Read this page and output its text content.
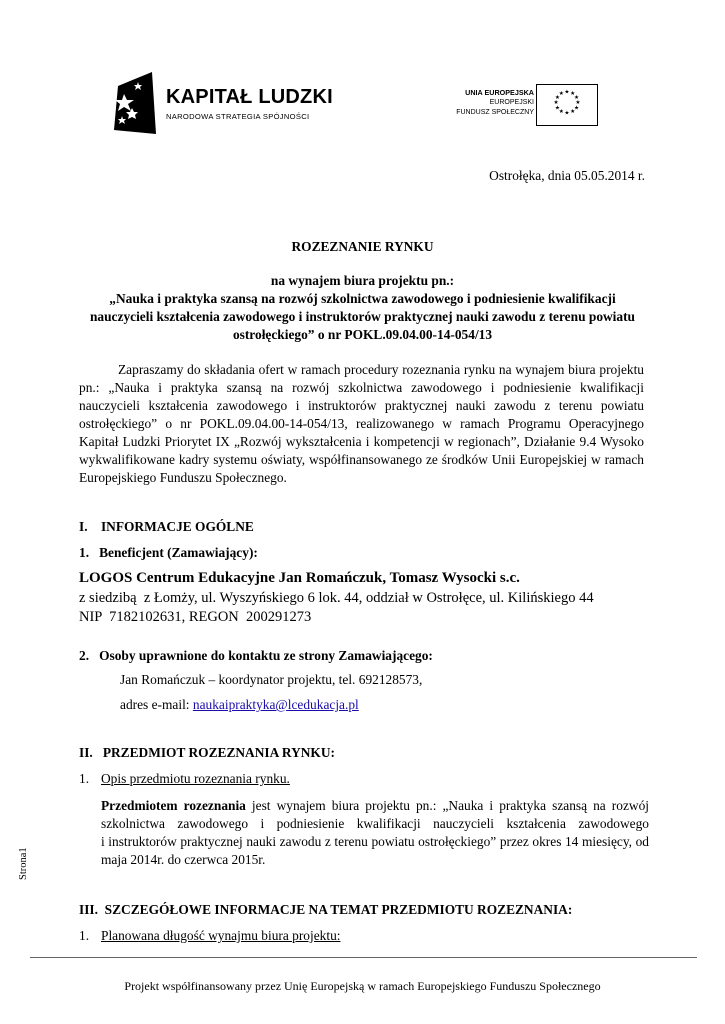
KAPITAŁ LUDZKI
NARODOWA STRATEGIA SPÓJNOŚCI
UNIA EUROPEJSKA
EUROPEJSKI
FUNDUSZ SPOŁECZNY
★ ★
★
★
★
★
★
★
★
★
★
★
Ostrołęka, dnia 05.05.2014 r.
ROZEZNANIE RYNKU
na wynajem biura projektu pn.:
„Nauka i praktyka szansą na rozwój szkolnictwa zawodowego i podniesienie kwalifikacji
nauczycieli kształcenia zawodowego i instruktorów praktycznej nauki zawodu z terenu powiatu
ostrołęckiego” o nr POKL.09.04.00-14-054/13
Zapraszamy do składania ofert w ramach procedury rozeznania rynku na wynajem biura projektu
pn.: „Nauka i praktyka szansą na rozwój szkolnictwa zawodowego i podniesienie kwalifikacji
nauczycieli kształcenia zawodowego i instruktorów praktycznej nauki zawodu z terenu powiatu
ostrołęckiego” o nr POKL.09.04.00-14-054/13, realizowanego w ramach Programu Operacyjnego
Kapitał Ludzki Priorytet IX „Rozwój wykształcenia i kompetencji w regionach”, Działanie 9.4 Wysoko
wykwalifikowane kadry systemu oświaty, współfinansowanego ze środków Unii Europejskiej w ramach
Europejskiego Funduszu Społecznego.
I.    INFORMACJE OGÓLNE
1.   Beneficjent (Zamawiający):
LOGOS Centrum Edukacyjne Jan Romańczuk, Tomasz Wysocki s.c.
z siedzibą  z Łomży, ul. Wyszyńskiego 6 lok. 44, oddział w Ostrołęce, ul. Kilińskiego 44
NIP  7182102631, REGON  200291273
2.   Osoby uprawnione do kontaktu ze strony Zamawiającego:
Jan Romańczuk – koordynator projektu, tel. 692128573,
adres e-mail: naukaipraktyka@lcedukacja.pl
II.   PRZEDMIOT ROZEZNANIA RYNKU:
1. Opis przedmiotu rozeznania rynku.
Przedmiotem rozeznania jest wynajem biura projektu pn.: „Nauka i praktyka szansą na rozwój
szkolnictwa zawodowego i podniesienie kwalifikacji nauczycieli kształcenia zawodowego
i instruktorów praktycznej nauki zawodu z terenu powiatu ostrołęckiego” przez okres 14 miesięcy, od
maja 2014r. do czerwca 2015r.
III.  SZCZEGÓŁOWE INFORMACJE NA TEMAT PRZEDMIOTU ROZEZNANIA:
1. Planowana długość wynajmu biura projektu:
Strona1
Projekt współfinansowany przez Unię Europejską w ramach Europejskiego Funduszu Społecznego
